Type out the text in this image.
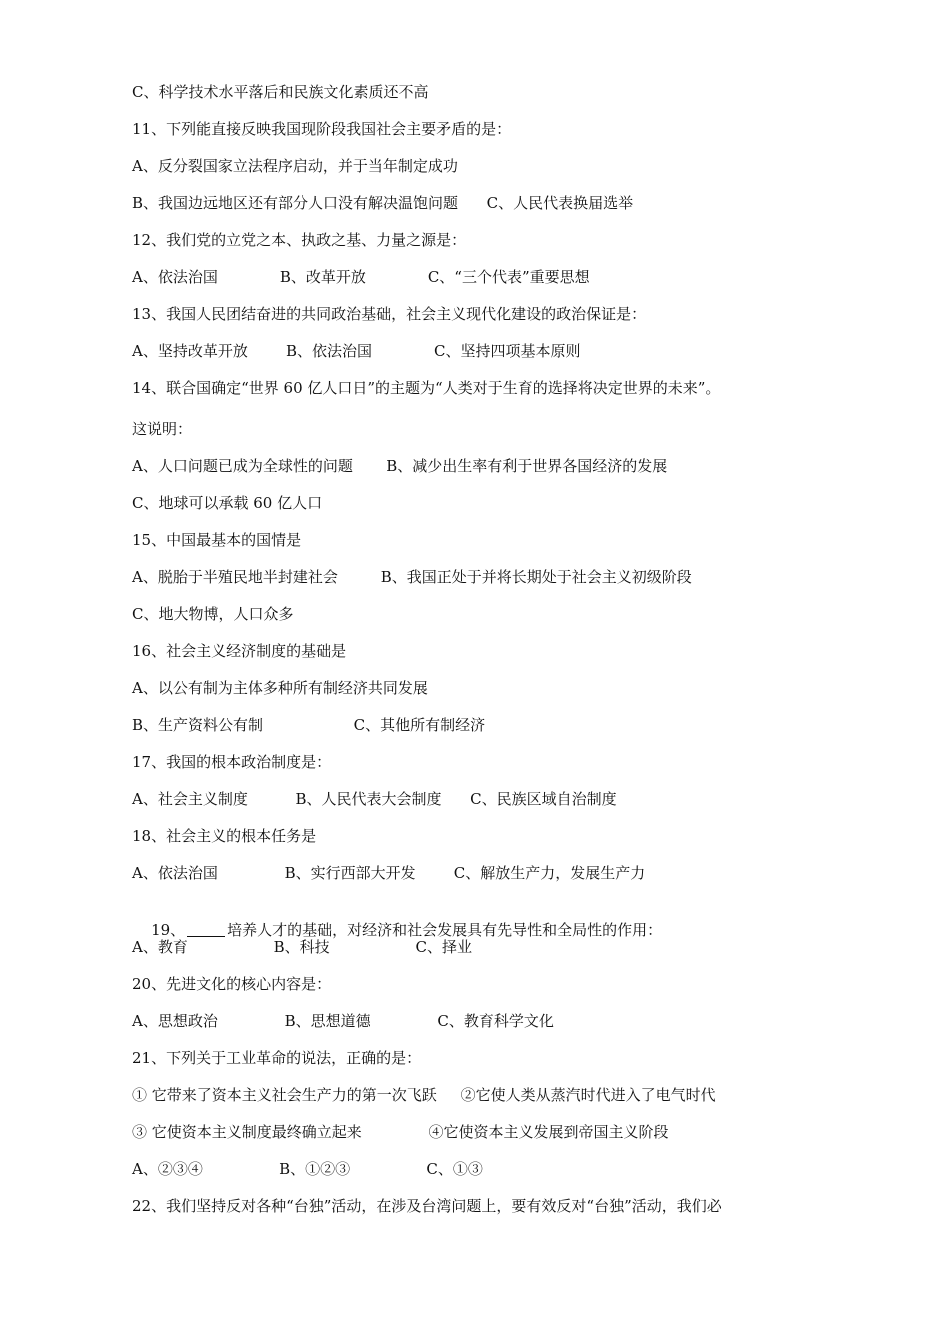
C、科学技术水平落后和民族文化素质还不高
11、下列能直接反映我国现阶段我国社会主要矛盾的是：
A、反分裂国家立法程序启动，并于当年制定成功
B、我国边远地区还有部分人口没有解决温饱问题      C、人民代表换届选举
12、我们党的立党之本、执政之基、力量之源是：
A、依法治国             B、改革开放             C、“三个代表”重要思想
13、我国人民团结奋进的共同政治基础，社会主义现代化建设的政治保证是：
A、坚持改革开放        B、依法治国             C、坚持四项基本原则
14、联合国确定“世界 60 亿人口日”的主题为“人类对于生育的选择将决定世界的未来”。
这说明：
A、人口问题已成为全球性的问题       B、减少出生率有利于世界各国经济的发展
C、地球可以承载 60 亿人口
15、中国最基本的国情是
A、脱胎于半殖民地半封建社会         B、我国正处于并将长期处于社会主义初级阶段
C、地大物博，人口众多
16、社会主义经济制度的基础是
A、以公有制为主体多种所有制经济共同发展
B、生产资料公有制                   C、其他所有制经济
17、我国的根本政治制度是：
A、社会主义制度          B、人民代表大会制度      C、民族区域自治制度
18、社会主义的根本任务是
A、依法治国              B、实行西部大开发        C、解放生产力，发展生产力

19、	培养人才的基础，对经济和社会发展具有先导性和全局性的作用：

A、教育                  B、科技                  C、择业
20、先进文化的核心内容是：
A、思想政治              B、思想道德              C、教育科学文化
21、下列关于工业革命的说法，正确的是：
① 它带来了资本主义社会生产力的第一次飞跃     ②它使人类从蒸汽时代进入了电气时代
③ 它使资本主义制度最终确立起来              ④它使资本主义发展到帝国主义阶段
A、②③④                B、①②③                C、①③
22、我们坚持反对各种“台独”活动，在涉及台湾问题上，要有效反对“台独”活动，我们必
